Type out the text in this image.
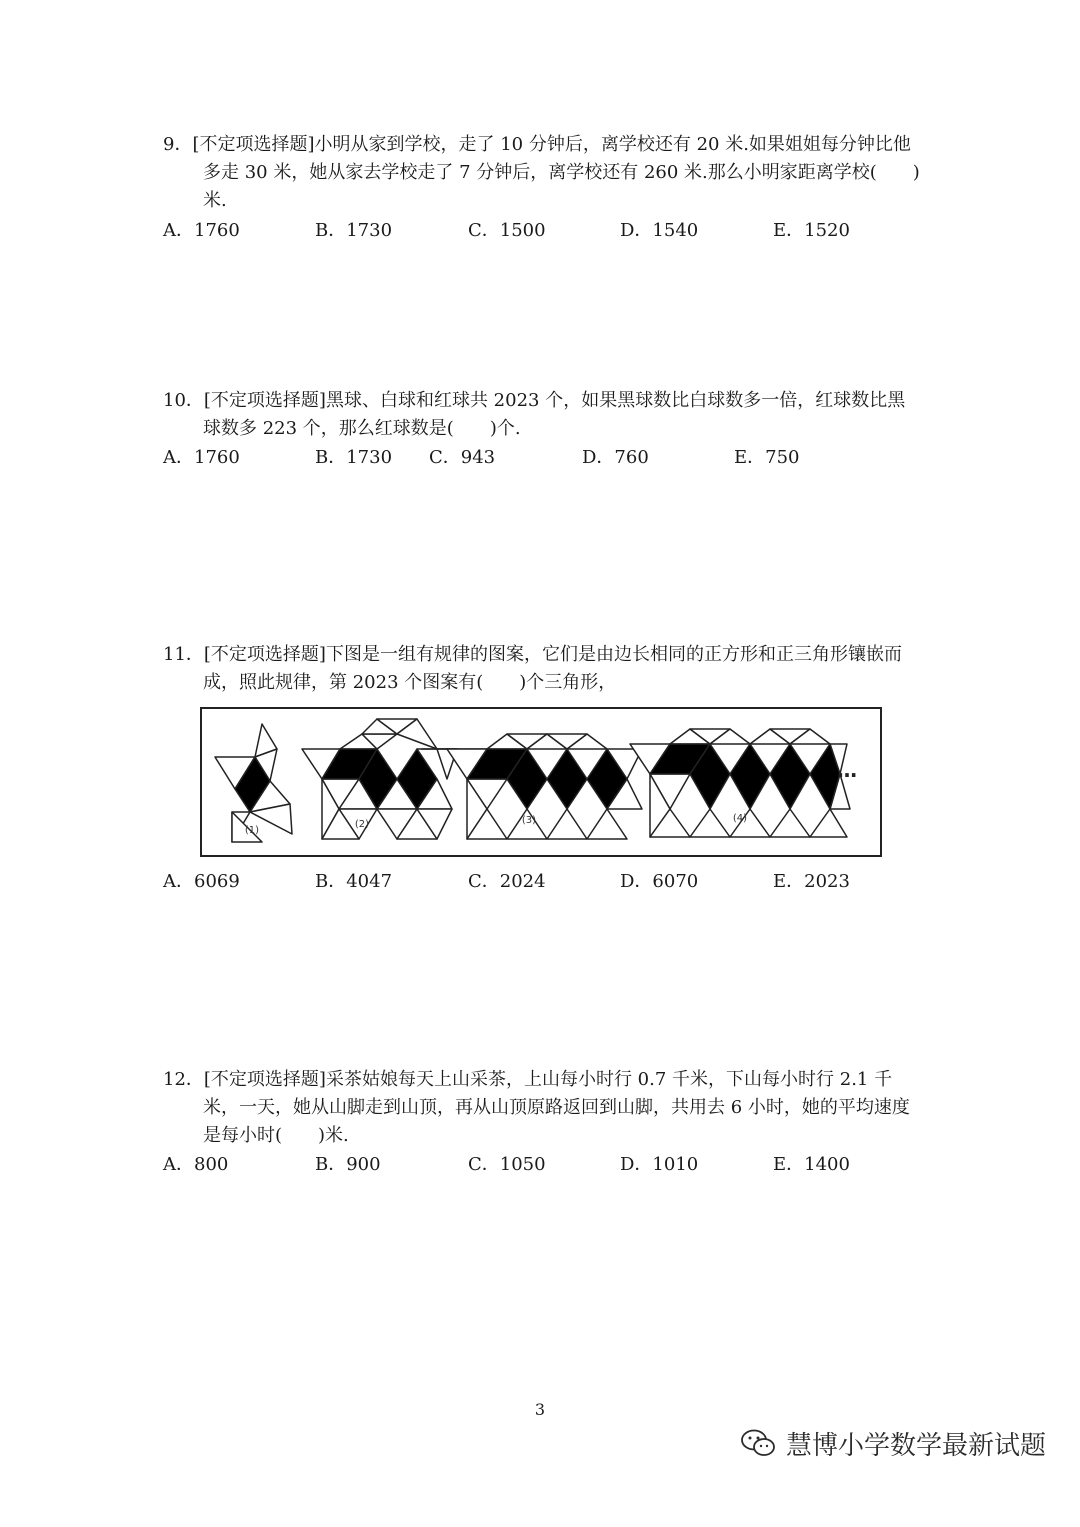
9．[不定项选择题]小明从家到学校，走了 10 分钟后，离学校还有 20 米.如果姐姐每分钟比他多走 30 米，她从家去学校走了 7 分钟后，离学校还有 260 米.那么小明家距离学校(　　)米.

A．1760	B．1730	C．1500	D．1540	E．1520

10．[不定项选择题]黑球、白球和红球共 2023 个，如果黑球数比白球数多一倍，红球数比黑球数多 223 个，那么红球数是(　　)个.

A．1760	B．1730 C．943	D．760	E．750

11．[不定项选择题]下图是一组有规律的图案，它们是由边长相同的正方形和正三角形镶嵌而成，照此规律，第 2023 个图案有(　　)个三角形，

(1)
(2)	(3)	(4)
…
A．6069	B．4047	C．2024	D．6070	E．2023

12．[不定项选择题]采茶姑娘每天上山采茶，上山每小时行 0.7 千米，下山每小时行 2.1 千米，一天，她从山脚走到山顶，再从山顶原路返回到山脚，共用去 6 小时，她的平均速度是每小时(　　)米.

A．800	B．900	C．1050	D．1010	E．1400
3
慧博小学数学最新试题
